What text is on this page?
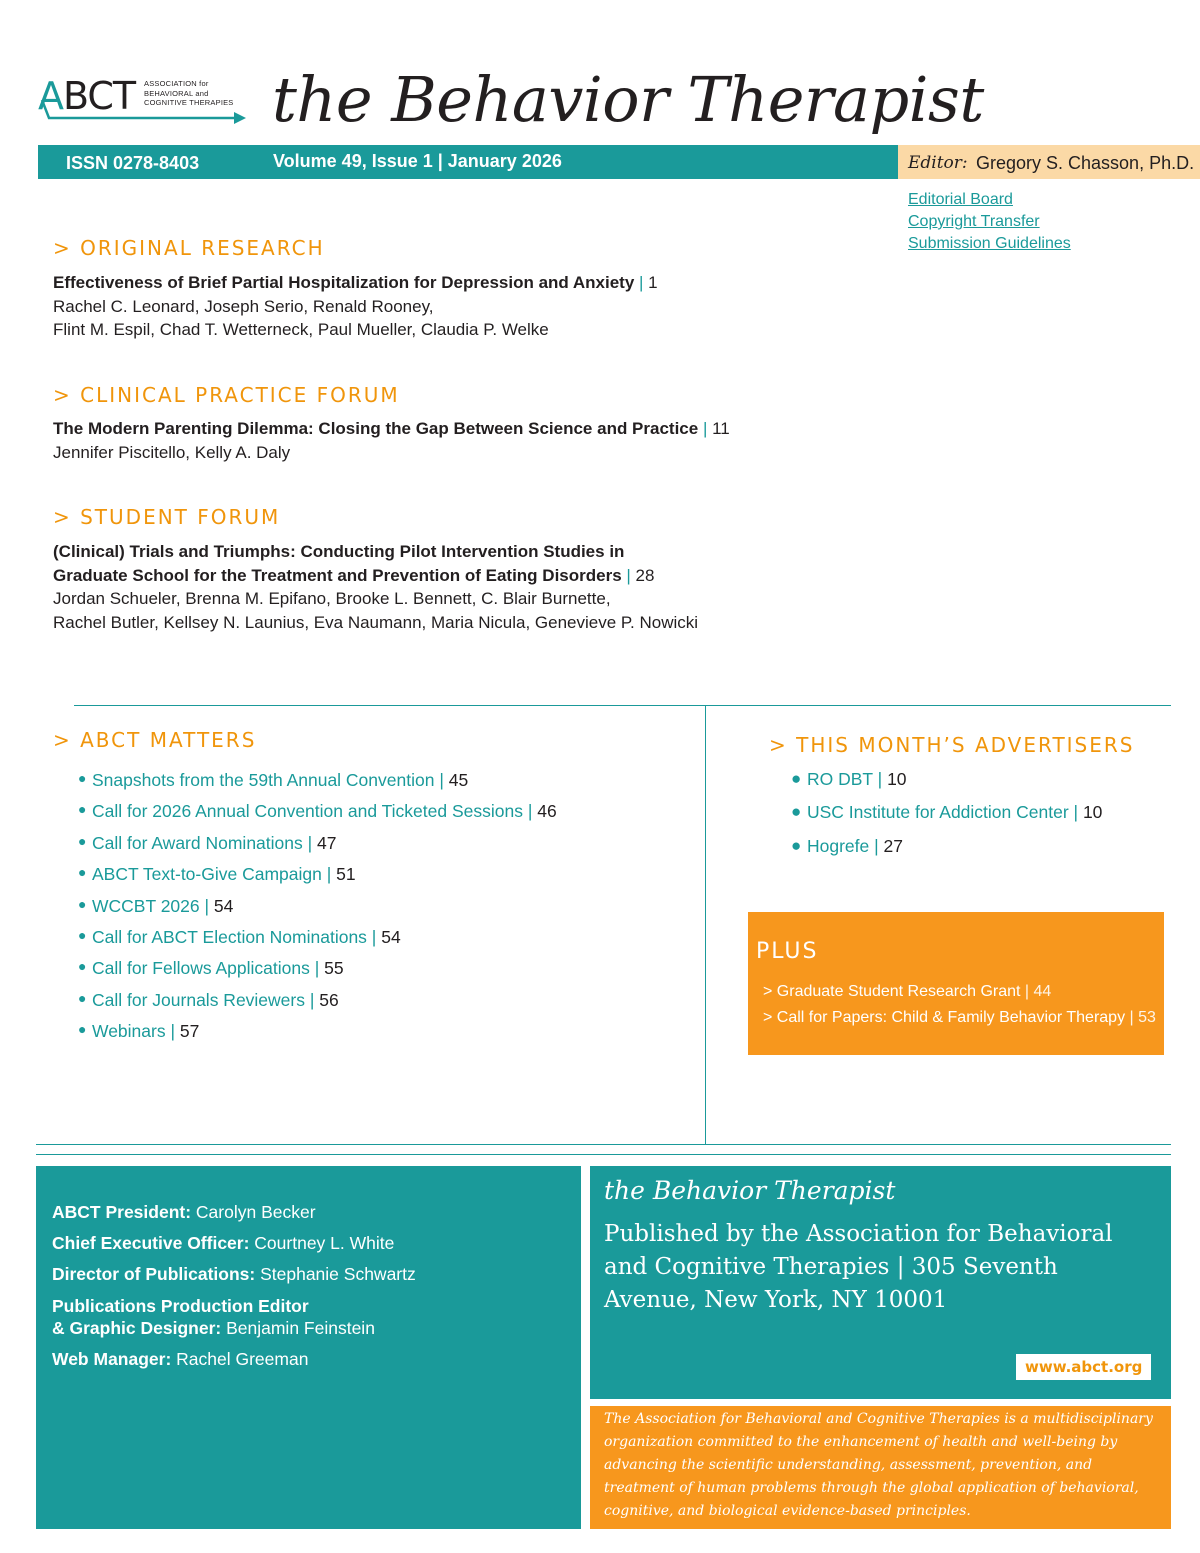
ABCT ASSOCIATION for
BEHAVIORAL and
COGNITIVE THERAPIES the Behavior Therapist
ISSN 0278-8403	Volume 49, Issue 1 | January 2026	Editor: Gregory S. Chasson, Ph.D.
Editorial Board
Copyright Transfer
Submission Guidelines
> ORIGINAL RESEARCH
Effectiveness of Brief Partial Hospitalization for Depression and Anxiety | 1
Rachel C. Leonard, Joseph Serio, Renald Rooney,
Flint M. Espil, Chad T. Wetterneck, Paul Mueller, Claudia P. Welke
> CLINICAL PRACTICE FORUM
The Modern Parenting Dilemma: Closing the Gap Between Science and Practice | 11
Jennifer Piscitello, Kelly A. Daly
> STUDENT FORUM
(Clinical) Trials and Triumphs: Conducting Pilot Intervention Studies in
Graduate School for the Treatment and Prevention of Eating Disorders | 28
Jordan Schueler, Brenna M. Epifano, Brooke L. Bennett, C. Blair Burnette,
Rachel Butler, Kellsey N. Launius, Eva Naumann, Maria Nicula, Genevieve P. Nowicki
> ABCT MATTERS
● Snapshots from the 59th Annual Convention | 45
● Call for 2026 Annual Convention and Ticketed Sessions | 46
● Call for Award Nominations | 47
● ABCT Text-to-Give Campaign | 51
● WCCBT 2026 | 54
● Call for ABCT Election Nominations | 54
● Call for Fellows Applications | 55
● Call for Journals Reviewers | 56
● Webinars | 57
> THIS MONTH’S ADVERTISERS
● RO DBT | 10
● USC Institute for Addiction Center | 10
● Hogrefe | 27
PLUS
> Graduate Student Research Grant | 44
> Call for Papers: Child & Family Behavior Therapy | 53
ABCT President: Carolyn Becker
Chief Executive Officer: Courtney L. White
Director of Publications: Stephanie Schwartz
Publications Production Editor
& Graphic Designer: Benjamin Feinstein
Web Manager: Rachel Greeman
the Behavior Therapist
Published by the Association for Behavioral and Cognitive Therapies | 305 Seventh Avenue, New York, NY 10001
www.abct.org
The Association for Behavioral and Cognitive Therapies is a multidisciplinary organization committed to the enhancement of health and well-being by advancing the scientific understanding, assessment, prevention, and treatment of human problems through the global application of behavioral, cognitive, and biological evidence-based principles.
